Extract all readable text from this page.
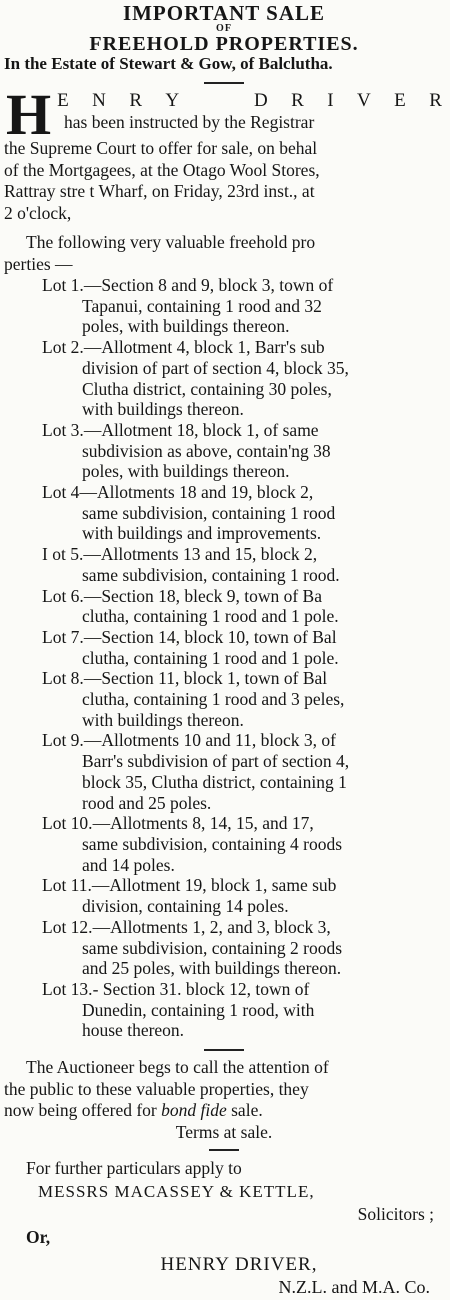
IMPORTANT SALE
OF
FREEHOLD PROPERTIES.
In the Estate of Stewart & Gow, of Balclutha.
H E N R Y	D R I V E R
has been instructed by the Registrar
the Supreme Court to offer for sale, on behal
of the Mortgagees, at the Otago Wool Stores,
Rattray stre t Wharf, on Friday, 23rd inst., at
2 o'clock,
The following very valuable freehold pro
perties —
Lot 1.—Section 8 and 9, block 3, town of
Tapanui, containing 1 rood and 32
poles, with buildings thereon.
Lot 2.—Allotment 4, block 1, Barr's sub
division of part of section 4, block 35,
Clutha district, containing 30 poles,
with buildings thereon.
Lot 3.—Allotment 18, block 1, of same
subdivision as above, contain'ng 38
poles, with buildings thereon.
Lot 4—Allotments 18 and 19, block 2,
same subdivision, containing 1 rood
with buildings and improvements.
I ot 5.—Allotments 13 and 15, block 2,
same subdivision, containing 1 rood.
Lot 6.—Section 18, bleck 9, town of Ba
clutha, containing 1 rood and 1 pole.
Lot 7.—Section 14, block 10, town of Bal
clutha, containing 1 rood and 1 pole.
Lot 8.—Section 11, block 1, town of Bal
clutha, containing 1 rood and 3 peles,
with buildings thereon.
Lot 9.—Allotments 10 and 11, block 3, of
Barr's subdivision of part of section 4,
block 35, Clutha district, containing 1
rood and 25 poles.
Lot 10.—Allotments 8, 14, 15, and 17,
same subdivision, containing 4 roods
and 14 poles.
Lot 11.—Allotment 19, block 1, same sub
division, containing 14 poles.
Lot 12.—Allotments 1, 2, and 3, block 3,
same subdivision, containing 2 roods
and 25 poles, with buildings thereon.
Lot 13.- Section 31. block 12, town of
Dunedin, containing 1 rood, with
house thereon.
The Auctioneer begs to call the attention of
the public to these valuable properties, they
now being offered for bond fide sale.
Terms at sale.
For further particulars apply to
MESSRS MACASSEY & KETTLE,
Solicitors ;
Or,
HENRY DRIVER,
N.Z.L. and M.A. Co.
